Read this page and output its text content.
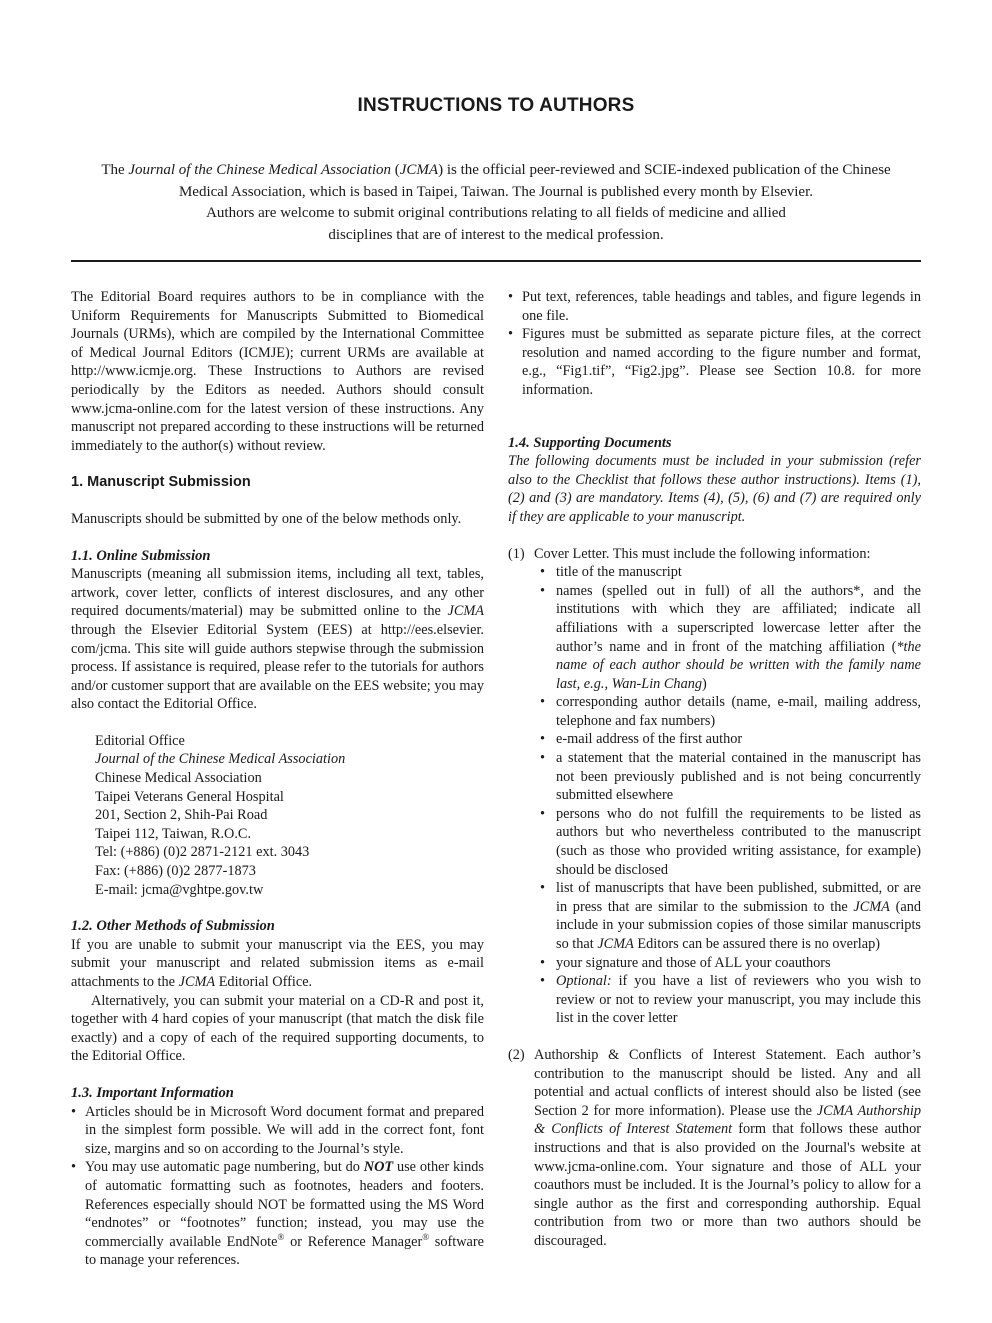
INSTRUCTIONS TO AUTHORS
The Journal of the Chinese Medical Association (JCMA) is the official peer-reviewed and SCIE-indexed publication of the Chinese
Medical Association, which is based in Taipei, Taiwan. The Journal is published every month by Elsevier.
Authors are welcome to submit original contributions relating to all fields of medicine and allied
disciplines that are of interest to the medical profession.

The Editorial Board requires authors to be in compliance with the Uniform Requirements for Manuscripts Submitted to Biomedical Journals (URMs), which are compiled by the International Committee of Medical Journal Editors (ICMJE); current URMs are available at http://www.icmje.org. These Instructions to Authors are revised periodically by the Editors as needed. Authors should consult www.jcma-online.com for the latest version of these instructions. Any manuscript not prepared according to these instructions will be returned immediately to the author(s) without review.

1. Manuscript Submission

Manuscripts should be submitted by one of the below methods only.

1.1. Online Submission

Manuscripts (meaning all submission items, including all text, tables, artwork, cover letter, conflicts of interest disclosures, and any other required documents/material) may be submitted online to the JCMA through the Elsevier Editorial System (EES) at http://ees.elsevier. com/jcma. This site will guide authors stepwise through the submission process. If assistance is required, please refer to the tutorials for authors and/or customer support that are available on the EES website; you may also contact the Editorial Office.

Editorial Office
Journal of the Chinese Medical Association
Chinese Medical Association
Taipei Veterans General Hospital
201, Section 2, Shih-Pai Road
Taipei 112, Taiwan, R.O.C.
Tel: (+886) (0)2 2871-2121 ext. 3043
Fax: (+886) (0)2 2877-1873
E-mail: jcma@vghtpe.gov.tw
1.2. Other Methods of Submission

If you are unable to submit your manuscript via the EES, you may submit your manuscript and related submission items as e-mail attachments to the JCMA Editorial Office.

Alternatively, you can submit your material on a CD-R and post it, together with 4 hard copies of your manuscript (that match the disk file exactly) and a copy of each of the required supporting documents, to the Editorial Office.

1.3. Important Information
• Articles should be in Microsoft Word document format and prepared in the simplest form possible. We will add in the correct font, font size, margins and so on according to the Journal’s style.
• You may use automatic page numbering, but do NOT use other kinds of automatic formatting such as footnotes, headers and footers. References especially should NOT be formatted using the MS Word “endnotes” or “footnotes” function; instead, you may use the commercially available EndNote® or Reference Manager® software to manage your references.
• Put text, references, table headings and tables, and figure legends in one file.
• Figures must be submitted as separate picture files, at the correct resolution and named according to the figure number and format, e.g., “Fig1.tif”, “Fig2.jpg”. Please see Section 10.8. for more information.
1.4. Supporting Documents

The following documents must be included in your submission (refer also to the Checklist that follows these author instructions). Items (1), (2) and (3) are mandatory. Items (4), (5), (6) and (7) are required only if they are applicable to your manuscript.

(1) Cover Letter. This must include the following information:
• title of the manuscript
• names (spelled out in full) of all the authors*, and the institutions with which they are affiliated; indicate all affiliations with a superscripted lowercase letter after the author’s name and in front of the matching affiliation (*the name of each author should be written with the family name last, e.g., Wan-Lin Chang)
• corresponding author details (name, e-mail, mailing address, telephone and fax numbers)
• e-mail address of the first author
• a statement that the material contained in the manuscript has not been previously published and is not being concurrently submitted elsewhere
• persons who do not fulfill the requirements to be listed as authors but who nevertheless contributed to the manuscript (such as those who provided writing assistance, for example) should be disclosed
• list of manuscripts that have been published, submitted, or are in press that are similar to the submission to the JCMA (and include in your submission copies of those similar manuscripts so that JCMA Editors can be assured there is no overlap)
• your signature and those of ALL your coauthors
• Optional: if you have a list of reviewers who you wish to review or not to review your manuscript, you may include this list in the cover letter
(2) Authorship & Conflicts of Interest Statement. Each author’s contribution to the manuscript should be listed. Any and all potential and actual conflicts of interest should also be listed (see Section 2 for more information). Please use the JCMA Authorship & Conflicts of Interest Statement form that follows these author instructions and that is also provided on the Journal's website at www.jcma-online.com. Your signature and those of ALL your coauthors must be included. It is the Journal’s policy to allow for a single author as the first and corresponding authorship. Equal contribution from two or more than two authors should be discouraged.
